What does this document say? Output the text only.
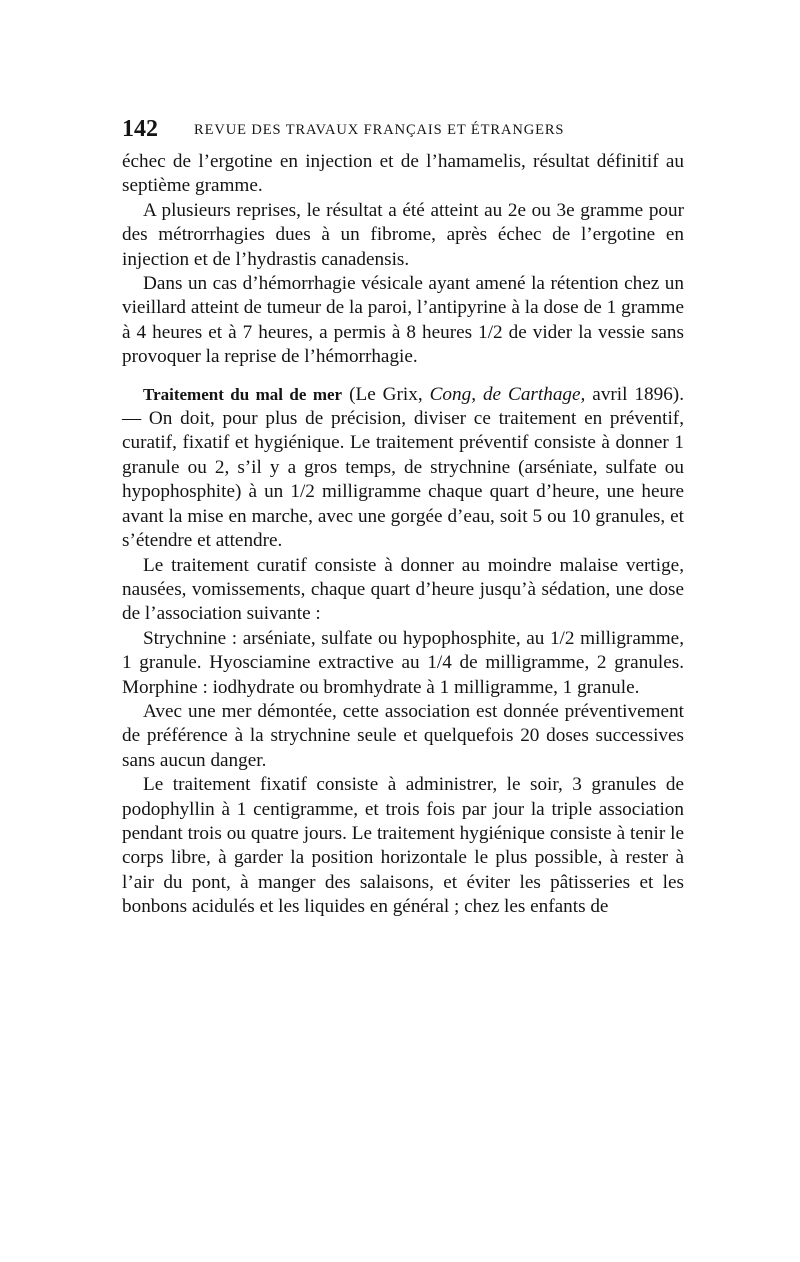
142 REVUE DES TRAVAUX FRANÇAIS ET ÉTRANGERS

échec de l’ergotine en injection et de l’hamamelis, résultat définitif au septième gramme.

A plusieurs reprises, le résultat a été atteint au 2e ou 3e gramme pour des métrorrhagies dues à un fibrome, après échec de l’ergotine en injection et de l’hydrastis canadensis.

Dans un cas d’hémorrhagie vésicale ayant amené la rétention chez un vieillard atteint de tumeur de la paroi, l’antipyrine à la dose de 1 gramme à 4 heures et à 7 heures, a permis à 8 heures 1/2 de vider la vessie sans provoquer la reprise de l’hémorrhagie.

Traitement du mal de mer (Le Grix, Cong, de Carthage, avril 1896). — On doit, pour plus de précision, diviser ce traitement en préventif, curatif, fixatif et hygiénique. Le traitement préventif consiste à donner 1 granule ou 2, s’il y a gros temps, de strychnine (arséniate, sulfate ou hypophosphite) à un 1/2 milligramme chaque quart d’heure, une heure avant la mise en marche, avec une gorgée d’eau, soit 5 ou 10 granules, et s’étendre et attendre.

Le traitement curatif consiste à donner au moindre malaise vertige, nausées, vomissements, chaque quart d’heure jusqu’à sédation, une dose de l’association suivante :

Strychnine : arséniate, sulfate ou hypophosphite, au 1/2 milligramme, 1 granule. Hyosciamine extractive au 1/4 de milligramme, 2 granules. Morphine : iodhydrate ou bromhydrate à 1 milligramme, 1 granule.

Avec une mer démontée, cette association est donnée préventivement de préférence à la strychnine seule et quelquefois 20 doses successives sans aucun danger.

Le traitement fixatif consiste à administrer, le soir, 3 granules de podophyllin à 1 centigramme, et trois fois par jour la triple association pendant trois ou quatre jours. Le traitement hygiénique consiste à tenir le corps libre, à garder la position horizontale le plus possible, à rester à l’air du pont, à manger des salaisons, et éviter les pâtisseries et les bonbons acidulés et les liquides en général ; chez les enfants de
